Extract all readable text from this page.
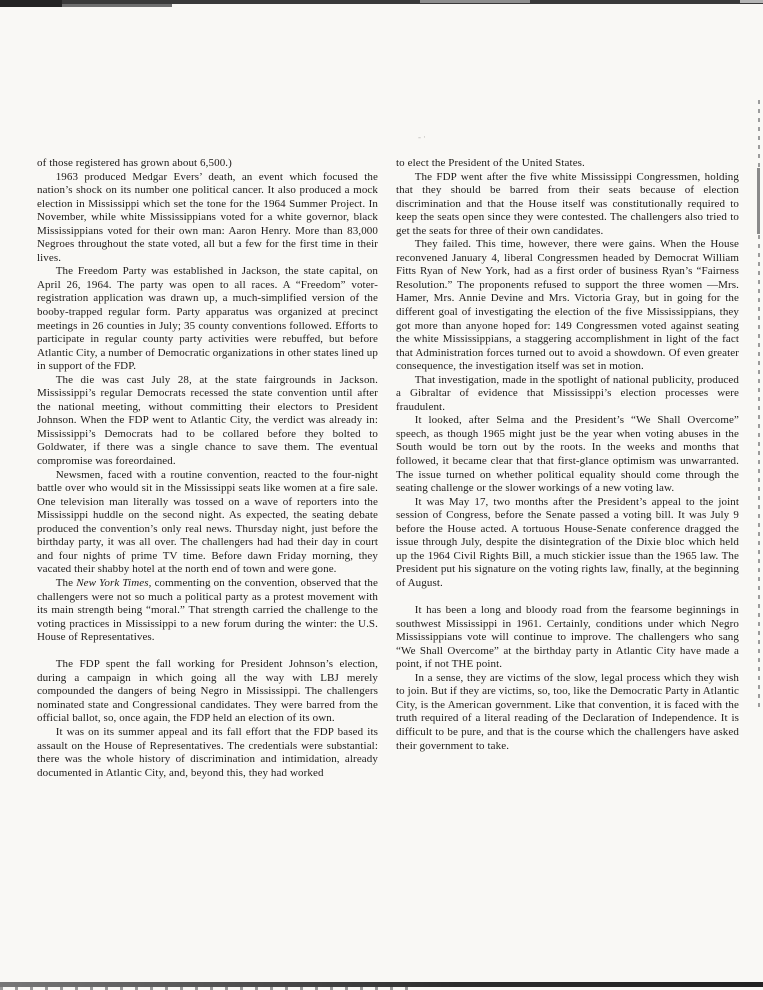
-·

of those registered has grown about 6,500.)

1963 produced Medgar Evers’ death, an event which focused the nation’s shock on its number one political cancer. It also produced a mock election in Mississippi which set the tone for the 1964 Summer Project. In November, while white Mississippians voted for a white governor, black Mississippians voted for their own man: Aaron Henry. More than 83,000 Negroes throughout the state voted, all but a few for the first time in their lives.

The Freedom Party was established in Jackson, the state capital, on April 26, 1964. The party was open to all races. A “Freedom” voter-registration application was drawn up, a much-simplified version of the booby-trapped regular form. Party apparatus was organized at precinct meetings in 26 counties in July; 35 county conventions followed. Efforts to participate in regular county party activities were rebuffed, but before Atlantic City, a number of Democratic organizations in other states lined up in support of the FDP.

The die was cast July 28, at the state fairgrounds in Jackson. Mississippi’s regular Democrats recessed the state convention until after the national meeting, without committing their electors to President Johnson. When the FDP went to Atlantic City, the verdict was already in: Mississippi’s Democrats had to be collared before they bolted to Goldwater, if there was a single chance to save them. The eventual compromise was foreordained.

Newsmen, faced with a routine convention, reacted to the four-night battle over who would sit in the Mississippi seats like women at a fire sale. One television man literally was tossed on a wave of reporters into the Mississippi huddle on the second night. As expected, the seating debate produced the convention’s only real news. Thursday night, just before the birthday party, it was all over. The challengers had had their day in court and four nights of prime TV time. Before dawn Friday morning, they vacated their shabby hotel at the north end of town and were gone.

The New York Times, commenting on the convention, observed that the challengers were not so much a political party as a protest movement with its main strength being “moral.” That strength carried the challenge to the voting practices in Mississippi to a new forum during the winter: the U.S. House of Representatives.

The FDP spent the fall working for President Johnson’s election, during a campaign in which going all the way with LBJ merely compounded the dangers of being Negro in Mississippi. The challengers nominated state and Congressional candidates. They were barred from the official ballot, so, once again, the FDP held an election of its own.

It was on its summer appeal and its fall effort that the FDP based its assault on the House of Representatives. The credentials were substantial: there was the whole history of discrimination and intimidation, already documented in Atlantic City, and, beyond this, they had worked

to elect the President of the United States.

The FDP went after the five white Mississippi Congressmen, holding that they should be barred from their seats because of election discrimination and that the House itself was constitutionally required to keep the seats open since they were contested. The challengers also tried to get the seats for three of their own candidates.

They failed. This time, however, there were gains. When the House reconvened January 4, liberal Congressmen headed by Democrat William Fitts Ryan of New York, had as a first order of business Ryan’s “Fairness Resolution.” The proponents refused to support the three women —Mrs. Hamer, Mrs. Annie Devine and Mrs. Victoria Gray, but in going for the different goal of investigating the election of the five Mississippians, they got more than anyone hoped for: 149 Congressmen voted against seating the white Mississippians, a staggering accomplishment in light of the fact that Administration forces turned out to avoid a showdown. Of even greater consequence, the investigation itself was set in motion.

That investigation, made in the spotlight of national publicity, produced a Gibraltar of evidence that Mississippi’s election processes were fraudulent.

It looked, after Selma and the President’s “We Shall Overcome” speech, as though 1965 might just be the year when voting abuses in the South would be torn out by the roots. In the weeks and months that followed, it became clear that that first-glance optimism was unwarranted. The issue turned on whether political equality should come through the seating challenge or the slower workings of a new voting law.

It was May 17, two months after the President’s appeal to the joint session of Congress, before the Senate passed a voting bill. It was July 9 before the House acted. A tortuous House-Senate conference dragged the issue through July, despite the disintegration of the Dixie bloc which held up the 1964 Civil Rights Bill, a much stickier issue than the 1965 law. The President put his signature on the voting rights law, finally, at the beginning of August.

It has been a long and bloody road from the fearsome beginnings in southwest Mississippi in 1961. Certainly, conditions under which Negro Mississippians vote will continue to improve. The challengers who sang “We Shall Overcome” at the birthday party in Atlantic City have made a point, if not THE point.

In a sense, they are victims of the slow, legal process which they wish to join. But if they are victims, so, too, like the Democratic Party in Atlantic City, is the American government. Like that convention, it is faced with the truth required of a literal reading of the Declaration of Independence. It is difficult to be pure, and that is the course which the challengers have asked their government to take.
